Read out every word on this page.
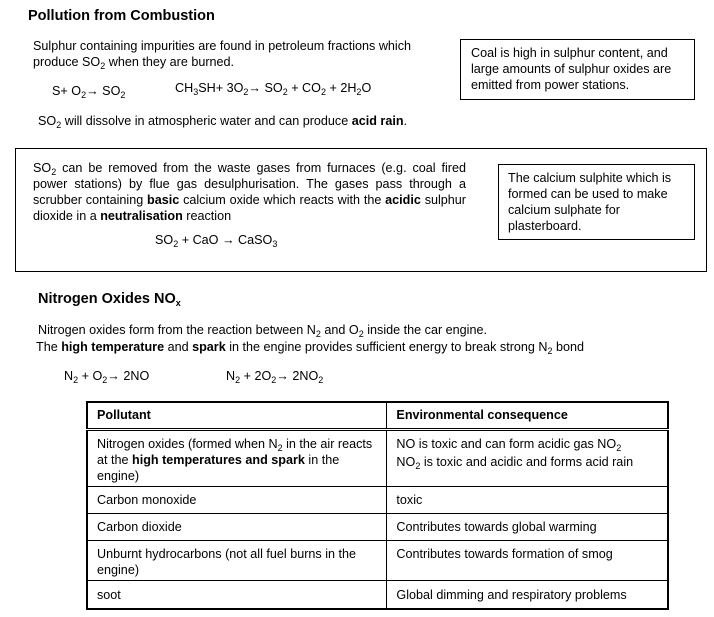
Pollution from Combustion
Sulphur containing impurities are found in petroleum fractions which produce $SO_2$ when they are burned.
$S+ O_2\to SO_2$	$CH_3SH+ 3O_2\to SO_2 + CO_2 + 2H_2O$
$SO_2$ will dissolve in atmospheric water and can produce acid rain.
Coal is high in sulphur content, and large amounts of sulphur oxides are emitted from power stations.
$SO_2$ can be removed from the waste gases from furnaces (e.g. coal fired power stations) by flue gas desulphurisation. The gases pass through a scrubber containing basic calcium oxide which reacts with the acidic sulphur dioxide in a neutralisation reaction
$SO_2$ + CaO → CaSO$_3$
The calcium sulphite which is formed can be used to make calcium sulphate for plasterboard.
Nitrogen Oxides $NO_x$
Nitrogen oxides form from the reaction between $N_2$ and $O_2$ inside the car engine.
The high temperature and spark in the engine provides sufficient energy to break strong $N_2$ bond
$N_2 + O_2\to 2NO$	$N_2 + 2O_2\to 2NO_2$
Pollutant	Environmental consequence
Nitrogen oxides (formed when $N_2$ in the air reacts at the high temperatures and spark in the engine)	NO is toxic and can form acidic gas $NO_2$
$NO_2$ is toxic and acidic and forms acid rain

Carbon monoxide	toxic
Carbon dioxide	Contributes towards global warming
Unburnt hydrocarbons (not all fuel burns in the engine)	Contributes towards formation of smog
soot	Global dimming and respiratory problems
